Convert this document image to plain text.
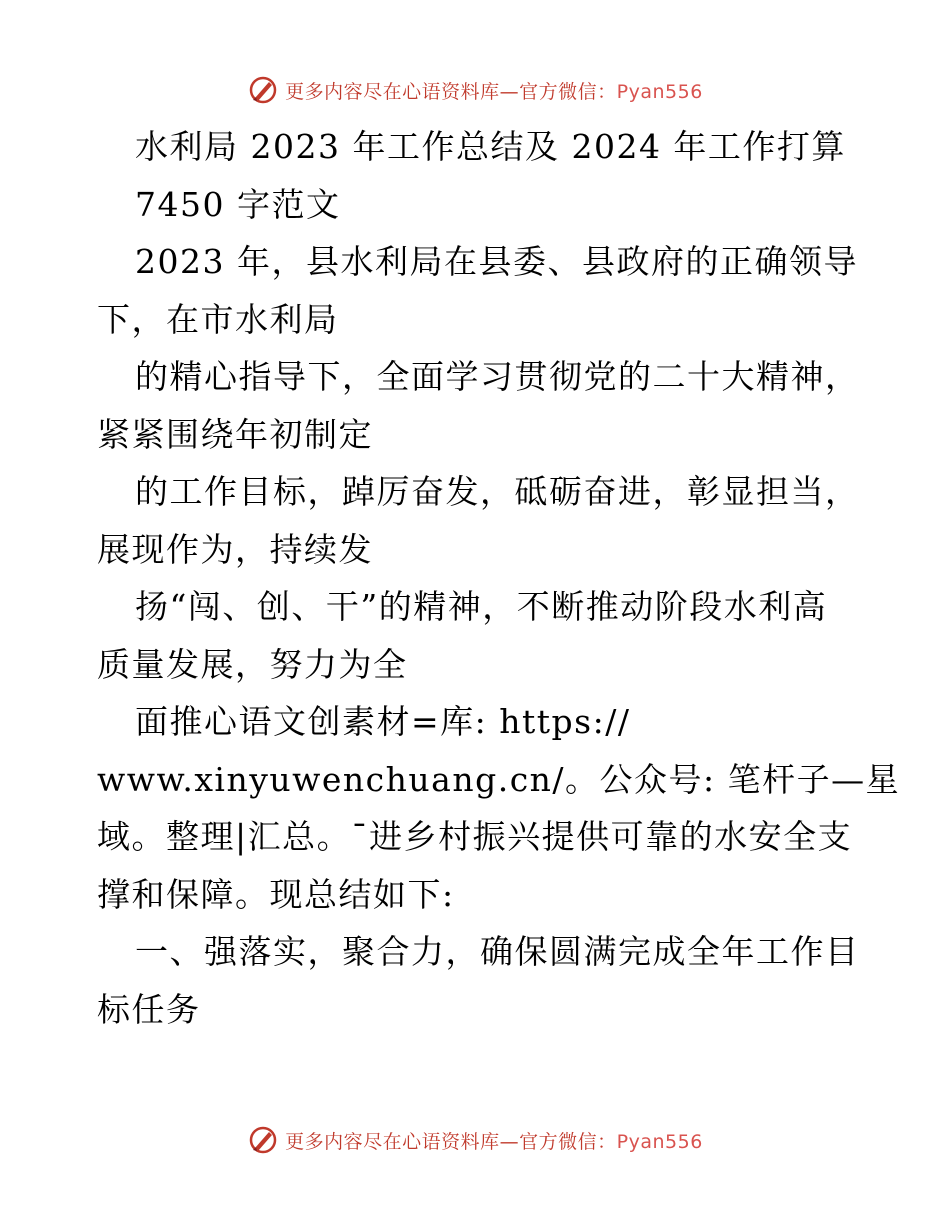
更多内容尽在心语资料库—官方微信：Pyan556
水利局 2023 年工作总结及 2024 年工作打算
7450 字范文
2023 年，县水利局在县委、县政府的正确领导
下，在市水利局
的精心指导下，全面学习贯彻党的二十大精神，
紧紧围绕年初制定
的工作目标，踔厉奋发，砥砺奋进，彰显担当，
展现作为，持续发
扬“闯、创、干”的精神，不断推动阶段水利高
质量发展，努力为全
面推心语文创素材=库: https://
www.xinyuwenchuang.cn/。公众号: 笔杆子—星
域。整理|汇总。¯进乡村振兴提供可靠的水安全支
撑和保障。现总结如下:
一、强落实，聚合力，确保圆满完成全年工作目
标任务
更多内容尽在心语资料库—官方微信：Pyan556
